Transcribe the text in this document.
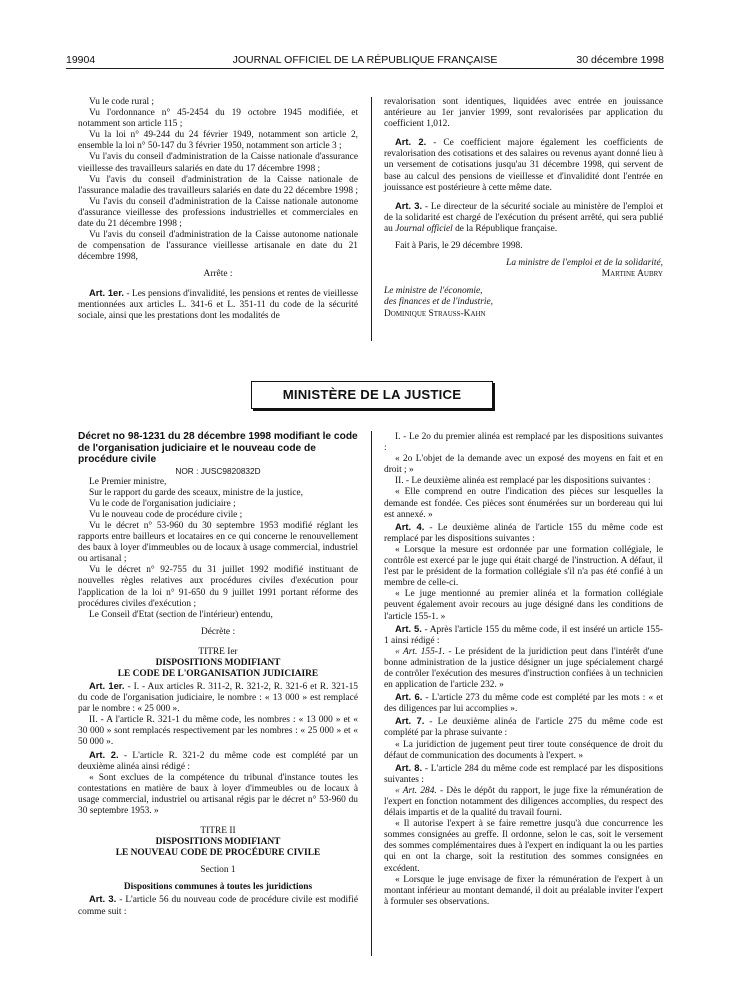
19904	JOURNAL OFFICIEL DE LA RÉPUBLIQUE FRANÇAISE	30 décembre 1998

Vu le code rural ;

Vu l'ordonnance n° 45-2454 du 19 octobre 1945 modifiée, et notamment son article 115 ;

Vu la loi n° 49-244 du 24 février 1949, notamment son article 2, ensemble la loi n° 50-147 du 3 février 1950, notamment son article 3 ;

Vu l'avis du conseil d'administration de la Caisse nationale d'assurance vieillesse des travailleurs salariés en date du 17 décembre 1998 ;

Vu l'avis du conseil d'administration de la Caisse nationale de l'assurance maladie des travailleurs salariés en date du 22 décembre 1998 ;

Vu l'avis du conseil d'administration de la Caisse nationale autonome d'assurance vieillesse des professions industrielles et commerciales en date du 21 décembre 1998 ;

Vu l'avis du conseil d'administration de la Caisse autonome nationale de compensation de l'assurance vieillesse artisanale en date du 21 décembre 1998,

Arrête :

Art. 1er. - Les pensions d'invalidité, les pensions et rentes de vieillesse mentionnées aux articles L. 341-6 et L. 351-11 du code de la sécurité sociale, ainsi que les prestations dont les modalités de

revalorisation sont identiques, liquidées avec entrée en jouissance antérieure au 1er janvier 1999, sont revalorisées par application du coefficient 1,012.

Art. 2. - Ce coefficient majore également les coefficients de revalorisation des cotisations et des salaires ou revenus ayant donné lieu à un versement de cotisations jusqu'au 31 décembre 1998, qui servent de base au calcul des pensions de vieillesse et d'invalidité dont l'entrée en jouissance est postérieure à cette même date.

Art. 3. - Le directeur de la sécurité sociale au ministère de l'emploi et de la solidarité est chargé de l'exécution du présent arrêté, qui sera publié au Journal officiel de la République française.

Fait à Paris, le 29 décembre 1998.

La ministre de l'emploi et de la solidarité,

Martine Aubry

Le ministre de l'économie,

des finances et de l'industrie,

Dominique Strauss-Kahn

MINISTÈRE DE LA JUSTICE

Décret no 98-1231 du 28 décembre 1998 modifiant le code de l'organisation judiciaire et le nouveau code de procédure civile

NOR : JUSC9820832D

Le Premier ministre,

Sur le rapport du garde des sceaux, ministre de la justice,

Vu le code de l'organisation judiciaire ;

Vu le nouveau code de procédure civile ;

Vu le décret n° 53-960 du 30 septembre 1953 modifié réglant les rapports entre bailleurs et locataires en ce qui concerne le renouvellement des baux à loyer d'immeubles ou de locaux à usage commercial, industriel ou artisanal ;

Vu le décret n° 92-755 du 31 juillet 1992 modifié instituant de nouvelles règles relatives aux procédures civiles d'exécution pour l'application de la loi n° 91-650 du 9 juillet 1991 portant réforme des procédures civiles d'exécution ;

Le Conseil d'Etat (section de l'intérieur) entendu,

Décrète :

TITRE Ier

DISPOSITIONS MODIFIANT

LE CODE DE L'ORGANISATION JUDICIAIRE

Art. 1er. - I. - Aux articles R. 311-2, R. 321-2, R. 321-6 et R. 321-15 du code de l'organisation judiciaire, le nombre : « 13 000 » est remplacé par le nombre : « 25 000 ».

II. - A l'article R. 321-1 du même code, les nombres : « 13 000 » et « 30 000 » sont remplacés respectivement par les nombres : « 25 000 » et « 50 000 ».

Art. 2. - L'article R. 321-2 du même code est complété par un deuxième alinéa ainsi rédigé :

« Sont exclues de la compétence du tribunal d'instance toutes les contestations en matière de baux à loyer d'immeubles ou de locaux à usage commercial, industriel ou artisanal régis par le décret n° 53-960 du 30 septembre 1953. »

TITRE II

DISPOSITIONS MODIFIANT

LE NOUVEAU CODE DE PROCÉDURE CIVILE

Section 1

Dispositions communes à toutes les juridictions

Art. 3. - L'article 56 du nouveau code de procédure civile est modifié comme suit :

I. - Le 2o du premier alinéa est remplacé par les dispositions suivantes :

« 2o L'objet de la demande avec un exposé des moyens en fait et en droit ; »

II. - Le deuxième alinéa est remplacé par les dispositions suivantes :

« Elle comprend en outre l'indication des pièces sur lesquelles la demande est fondée. Ces pièces sont énumérées sur un bordereau qui lui est annexé. »

Art. 4. - Le deuxième alinéa de l'article 155 du même code est remplacé par les dispositions suivantes :

« Lorsque la mesure est ordonnée par une formation collégiale, le contrôle est exercé par le juge qui était chargé de l'instruction. A défaut, il l'est par le président de la formation collégiale s'il n'a pas été confié à un membre de celle-ci.

« Le juge mentionné au premier alinéa et la formation collégiale peuvent également avoir recours au juge désigné dans les conditions de l'article 155-1. »

Art. 5. - Après l'article 155 du même code, il est inséré un article 155-1 ainsi rédigé :

« Art. 155-1. - Le président de la juridiction peut dans l'intérêt d'une bonne administration de la justice désigner un juge spécialement chargé de contrôler l'exécution des mesures d'instruction confiées à un technicien en application de l'article 232. »

Art. 6. - L'article 273 du même code est complété par les mots : « et des diligences par lui accomplies ».

Art. 7. - Le deuxième alinéa de l'article 275 du même code est complété par la phrase suivante :

« La juridiction de jugement peut tirer toute conséquence de droit du défaut de communication des documents à l'expert. »

Art. 8. - L'article 284 du même code est remplacé par les dispositions suivantes :

« Art. 284. - Dès le dépôt du rapport, le juge fixe la rémunération de l'expert en fonction notamment des diligences accomplies, du respect des délais impartis et de la qualité du travail fourni.

« Il autorise l'expert à se faire remettre jusqu'à due concurrence les sommes consignées au greffe. Il ordonne, selon le cas, soit le versement des sommes complémentaires dues à l'expert en indiquant la ou les parties qui en ont la charge, soit la restitution des sommes consignées en excédent.

« Lorsque le juge envisage de fixer la rémunération de l'expert à un montant inférieur au montant demandé, il doit au préalable inviter l'expert à formuler ses observations.
